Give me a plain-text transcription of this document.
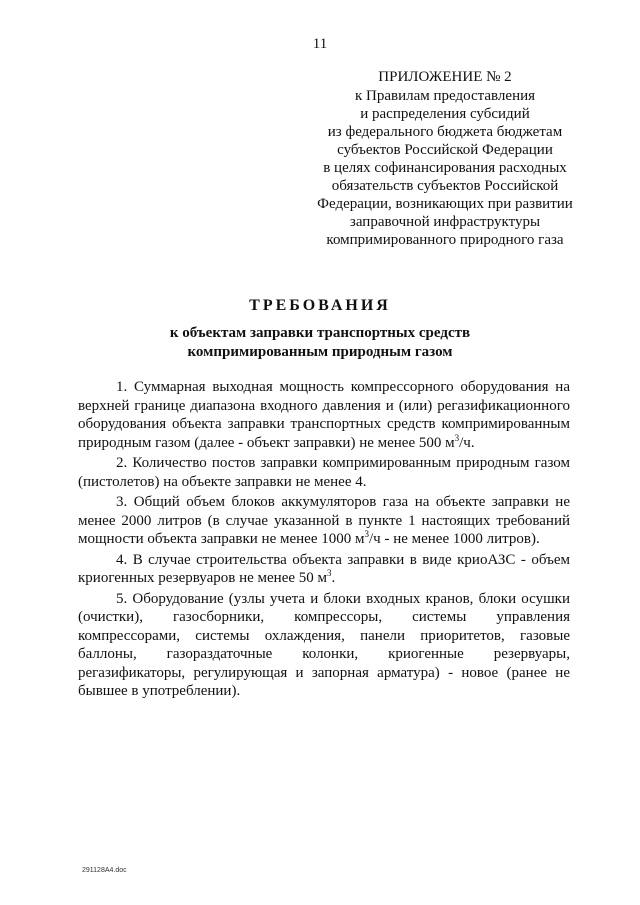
11
ПРИЛОЖЕНИЕ № 2
к Правилам предоставления
и распределения субсидий
из федерального бюджета бюджетам
субъектов Российской Федерации
в целях софинансирования расходных
обязательств субъектов Российской
Федерации, возникающих при развитии
заправочной инфраструктуры
компримированного природного газа
ТРЕБОВАНИЯ
к объектам заправки транспортных средств
компримированным природным газом

1. Суммарная выходная мощность компрессорного оборудования на верхней границе диапазона входного давления и (или) регазификационного оборудования объекта заправки транспортных средств компримированным природным газом (далее - объект заправки) не менее 500 $м^3/ч$.

2. Количество постов заправки компримированным природным газом (пистолетов) на объекте заправки не менее 4.

3. Общий объем блоков аккумуляторов газа на объекте заправки не менее 2000 литров (в случае указанной в пункте 1 настоящих требований мощности объекта заправки не менее 1000 $м^3/ч$ - не менее 1000 литров).

4. В случае строительства объекта заправки в виде криоАЗС - объем криогенных резервуаров не менее 50 $м^3$.

5. Оборудование (узлы учета и блоки входных кранов, блоки осушки (очистки), газосборники, компрессоры, системы управления компрессорами, системы охлаждения, панели приоритетов, газовые баллоны, газораздаточные колонки, криогенные резервуары, регазификаторы, регулирующая и запорная арматура) - новое (ранее не бывшее в употреблении).

291128А4.doc
